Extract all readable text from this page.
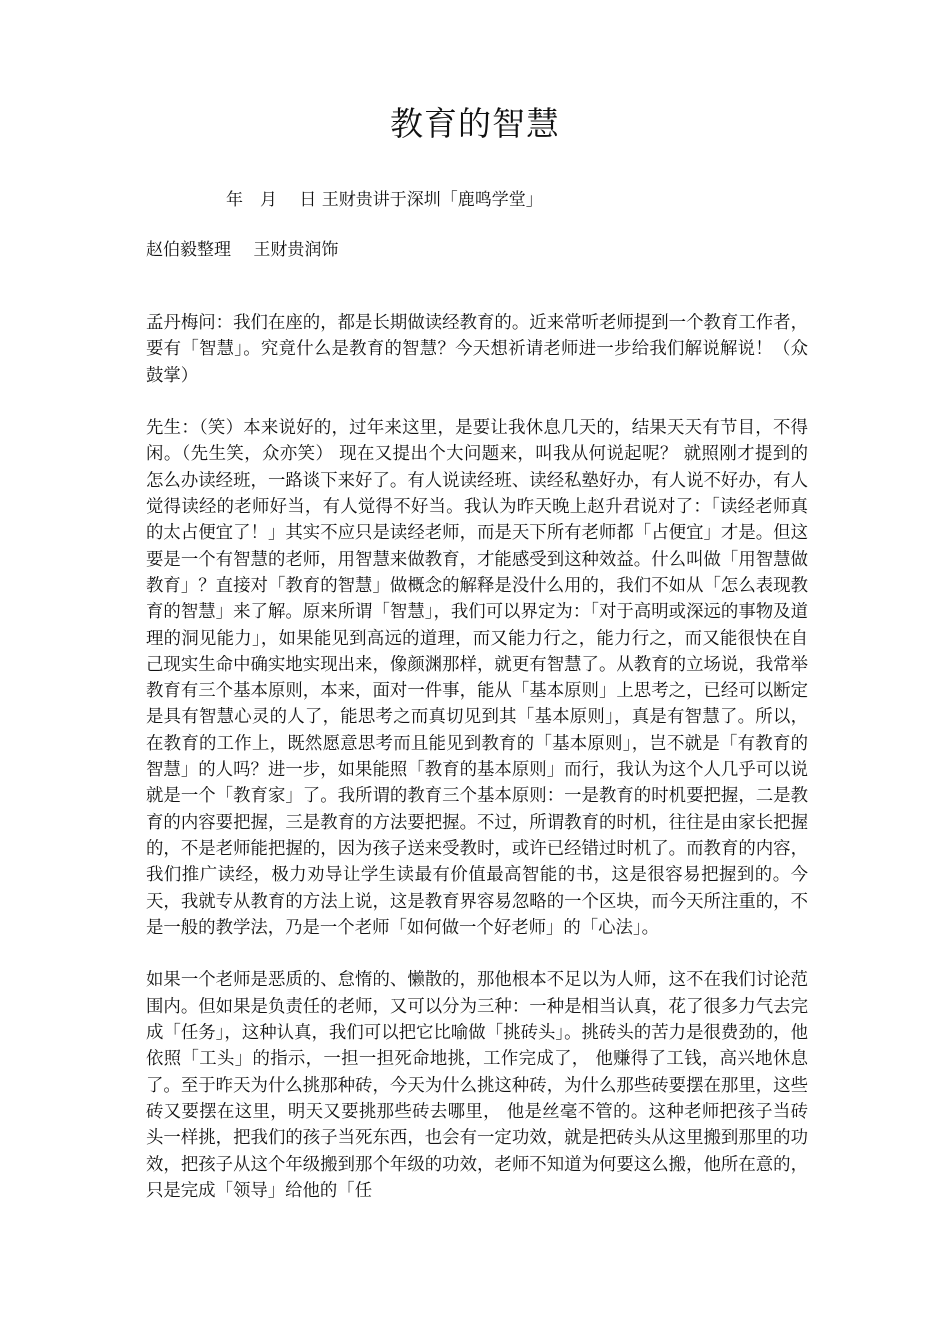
教育的智慧
年　月　 日 王财贵讲于深圳「鹿鸣学堂」
赵伯毅整理　 王财贵润饰

孟丹梅问：我们在座的，都是长期做读经教育的。近来常听老师提到一个教育工作者，要有「智慧」。究竟什么是教育的智慧？今天想祈请老师进一步给我们解说解说！（众鼓掌）

先生：（笑）本来说好的，过年来这里，是要让我休息几天的，结果天天有节目，不得闲。（先生笑，众亦笑） 现在又提出个大问题来，叫我从何说起呢？ 就照刚才提到的怎么办读经班，一路谈下来好了。有人说读经班、读经私塾好办，有人说不好办，有人觉得读经的老师好当，有人觉得不好当。我认为昨天晚上赵升君说对了：「读经老师真的太占便宜了！」其实不应只是读经老师，而是天下所有老师都「占便宜」才是。但这要是一个有智慧的老师，用智慧来做教育，才能感受到这种效益。什么叫做「用智慧做教育」？直接对「教育的智慧」做概念的解释是没什么用的，我们不如从「怎么表现教育的智慧」来了解。原来所谓「智慧」，我们可以界定为：「对于高明或深远的事物及道理的洞见能力」，如果能见到高远的道理，而又能力行之，能力行之，而又能很快在自己现实生命中确实地实现出来，像颜渊那样，就更有智慧了。从教育的立场说，我常举教育有三个基本原则，本来，面对一件事，能从「基本原则」上思考之，已经可以断定是具有智慧心灵的人了，能思考之而真切见到其「基本原则」，真是有智慧了。所以，在教育的工作上，既然愿意思考而且能见到教育的「基本原则」，岂不就是「有教育的智慧」的人吗？进一步，如果能照「教育的基本原则」而行，我认为这个人几乎可以说就是一个「教育家」了。我所谓的教育三个基本原则：一是教育的时机要把握，二是教育的内容要把握，三是教育的方法要把握。不过，所谓教育的时机，往往是由家长把握的，不是老师能把握的，因为孩子送来受教时，或许已经错过时机了。而教育的内容，我们推广读经，极力劝导让学生读最有价值最高智能的书，这是很容易把握到的。今天，我就专从教育的方法上说，这是教育界容易忽略的一个区块，而今天所注重的，不是一般的教学法，乃是一个老师「如何做一个好老师」的「心法」。

如果一个老师是恶质的、怠惰的、懒散的，那他根本不足以为人师，这不在我们讨论范围内。但如果是负责任的老师，又可以分为三种：一种是相当认真，花了很多力气去完成「任务」，这种认真，我们可以把它比喻做「挑砖头」。挑砖头的苦力是很费劲的，他依照「工头」的指示，一担一担死命地挑，工作完成了， 他赚得了工钱，高兴地休息了。至于昨天为什么挑那种砖，今天为什么挑这种砖，为什么那些砖要摆在那里，这些砖又要摆在这里，明天又要挑那些砖去哪里， 他是丝毫不管的。这种老师把孩子当砖头一样挑，把我们的孩子当死东西，也会有一定功效，就是把砖头从这里搬到那里的功效，把孩子从这个年级搬到那个年级的功效，老师不知道为何要这么搬，他所在意的，只是完成「领导」给他的「任
